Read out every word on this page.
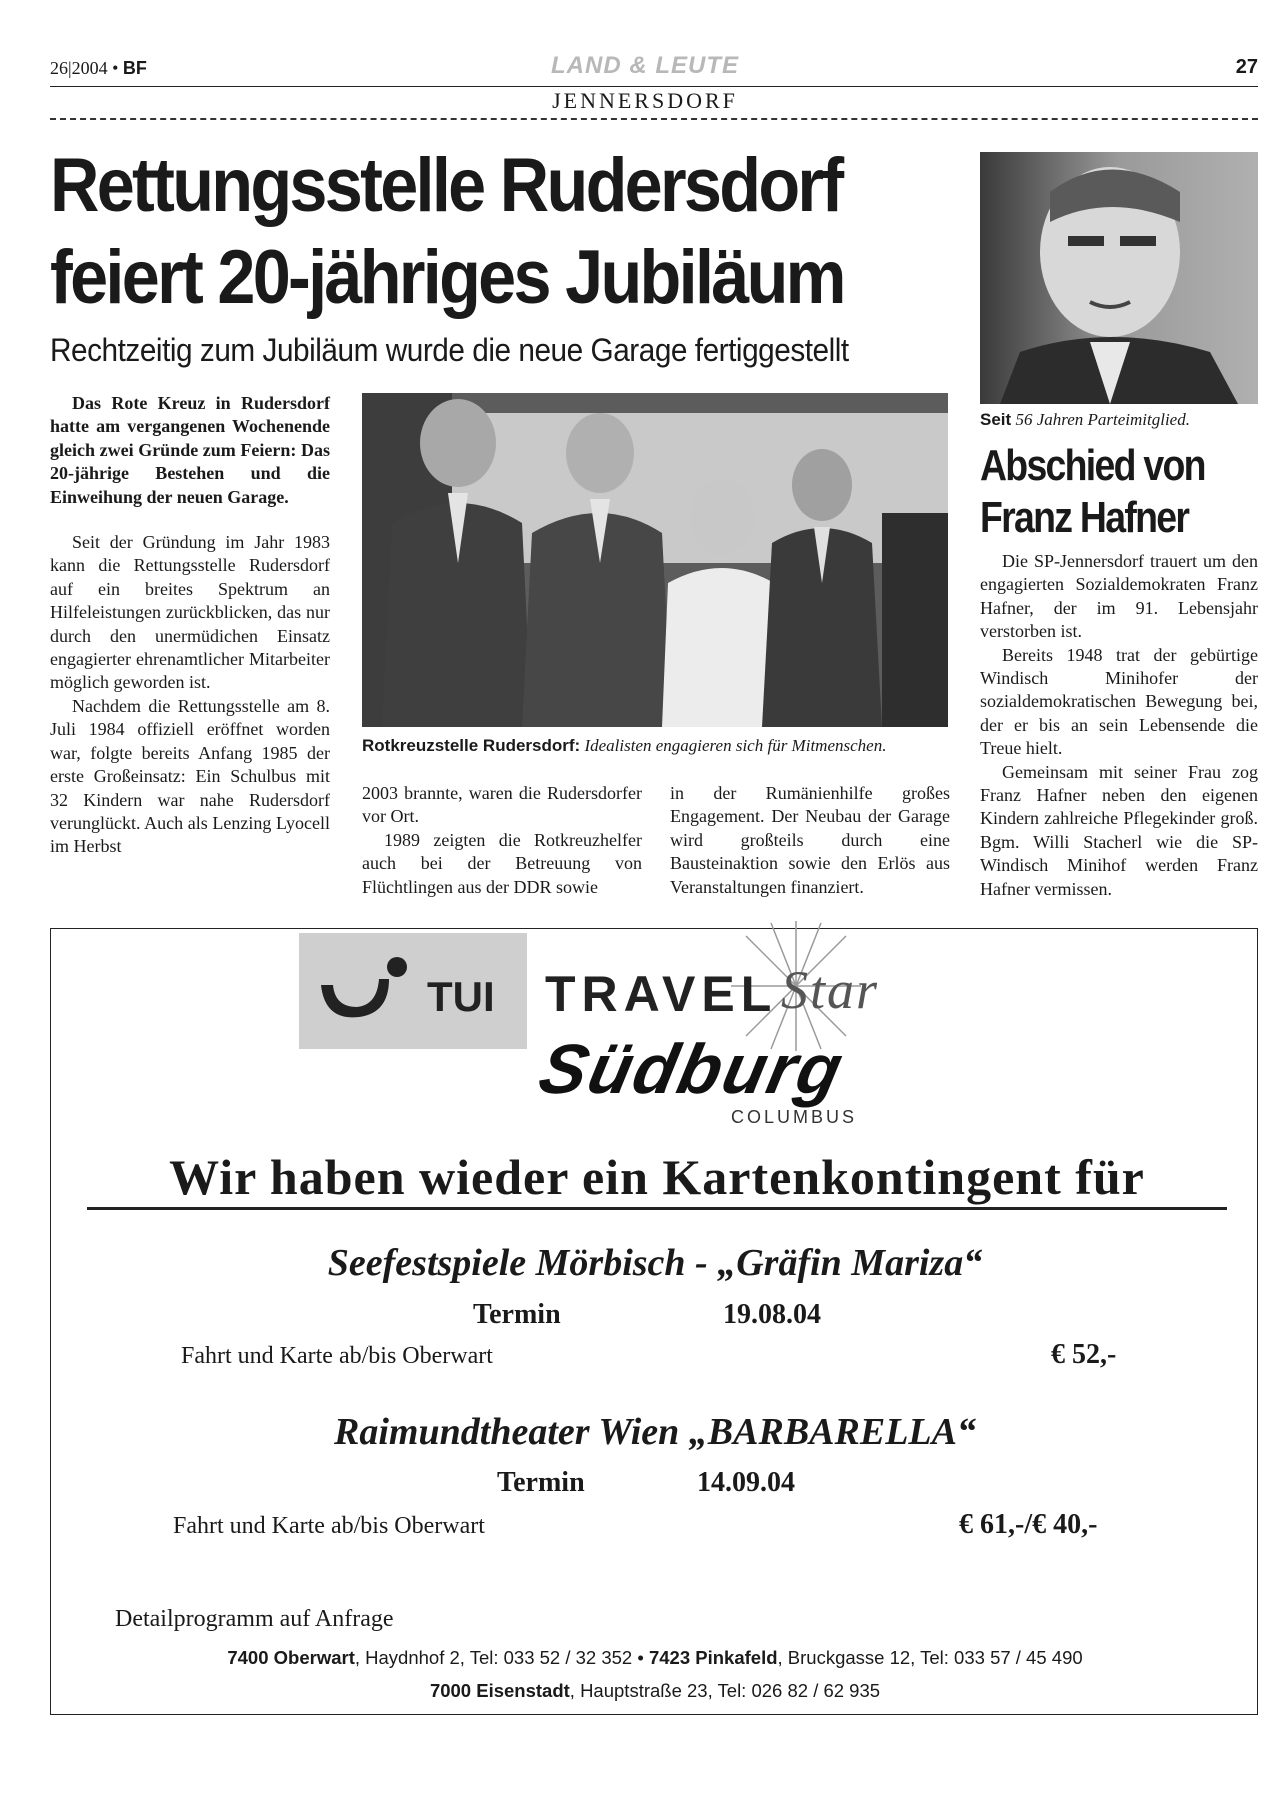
26|2004 • BF	LAND & LEUTE	27
JENNERSDORF
Rettungsstelle Rudersdorf feiert 20-jähriges Jubiläum
Rechtzeitig zum Jubiläum wurde die neue Garage fertiggestellt

Das Rote Kreuz in Rudersdorf hatte am vergangenen Wochenende gleich zwei Gründe zum Feiern: Das 20-jährige Bestehen und die Einweihung der neuen Garage.

Seit der Gründung im Jahr 1983 kann die Rettungsstelle Rudersdorf auf ein breites Spektrum an Hilfeleistungen zurückblicken, das nur durch den unermüdichen Einsatz engagierter ehrenamtlicher Mitarbeiter möglich geworden ist.

Nachdem die Rettungsstelle am 8. Juli 1984 offiziell eröffnet worden war, folgte bereits Anfang 1985 der erste Großeinsatz: Ein Schulbus mit 32 Kindern war nahe Rudersdorf verunglückt. Auch als Lenzing Lyocell im Herbst

Rotkreuzstelle Rudersdorf: Idealisten engagieren sich für Mitmenschen.

2003 brannte, waren die Rudersdorfer vor Ort.

1989 zeigten die Rotkreuzhelfer auch bei der Betreuung von Flüchtlingen aus der DDR sowie

in der Rumänienhilfe großes Engagement. Der Neubau der Garage wird großteils durch eine Bausteinaktion sowie den Erlös aus Veranstaltungen finanziert.

Seit 56 Jahren Parteimitglied.
Abschied von Franz Hafner

Die SP-Jennersdorf trauert um den engagierten Sozialdemokraten Franz Hafner, der im 91. Lebensjahr verstorben ist.

Bereits 1948 trat der gebürtige Windisch Minihofer der sozialdemokratischen Bewegung bei, der er bis an sein Lebensende die Treue hielt.

Gemeinsam mit seiner Frau zog Franz Hafner neben den eigenen Kindern zahlreiche Pflegekinder groß. Bgm. Willi Stacherl wie die SP-Windisch Minihof werden Franz Hafner vermissen.

TUI TRAVEL Star
Südburg
COLUMBUS
Wir haben wieder ein Kartenkontingent für
Seefestspiele Mörbisch - „Gräfin Mariza“
Termin	19.08.04
Fahrt und Karte ab/bis Oberwart	€ 52,-
Raimundtheater Wien „BARBARELLA“
Termin	14.09.04
Fahrt und Karte ab/bis Oberwart	€ 61,-/€ 40,-
Detailprogramm auf Anfrage
7400 Oberwart, Haydnhof 2, Tel: 033 52 / 32 352 • 7423 Pinkafeld, Bruckgasse 12, Tel: 033 57 / 45 490
7000 Eisenstadt, Hauptstraße 23, Tel: 026 82 / 62 935
